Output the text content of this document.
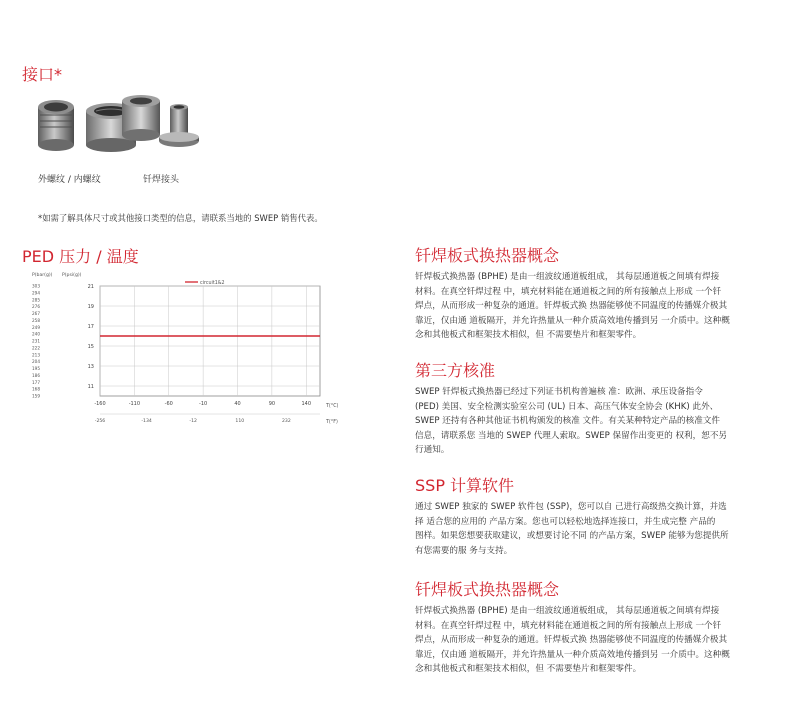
接口*
外螺纹 / 内螺纹	钎焊接头
*如需了解具体尺寸或其他接口类型的信息，请联系当地的 SWEP 销售代表。
PED 压力 / 温度
P(bar(g)) P(psi(g))
T(°C)
T(°F)
-160	-110	-60	-10	40	90	140
21
19
17
15
13
11
303
294
285
276
267
258
249
240
231
222
213
204
195
186
177
168
159
-256	-134	-12	110	232
circuit1&2
钎焊板式换热器概念
钎焊板式换热器 (BPHE) 是由一组波纹通道板组成， 其每层通道板之间填有焊接
材料。在真空钎焊过程 中，填充材料能在通道板之间的所有接触点上形成 一个钎
焊点，从而形成一种复杂的通道。钎焊板式换 热器能够使不同温度的传播媒介极其
靠近，仅由通 道板隔开，并允许热量从一种介质高效地传播到另 一介质中。这种概
念和其他板式和框架技术相似，但 不需要垫片和框架零件。
第三方核准
SWEP 钎焊板式换热器已经过下列证书机构普遍核 准：欧洲、承压设备指令
(PED) 美国、安全检测实验室公司 (UL) 日本、高压气体安全协会 (KHK) 此外、
SWEP 还持有各种其他证书机构颁发的核准 文件。有关某种特定产品的核准文件
信息，请联系您 当地的 SWEP 代理人索取。SWEP 保留作出变更的 权利，恕不另
行通知。
SSP 计算软件
通过 SWEP 独家的 SWEP 软件包 (SSP)，您可以自 己进行高级热交换计算，并选
择 适合您的应用的 产品方案。您也可以轻松地选择连接口，并生成完整 产品的
图样。如果您想要获取建议，或想要讨论不同 的产品方案，SWEP 能够为您提供所
有您需要的服 务与支持。
钎焊板式换热器概念
钎焊板式换热器 (BPHE) 是由一组波纹通道板组成， 其每层通道板之间填有焊接
材料。在真空钎焊过程 中，填充材料能在通道板之间的所有接触点上形成 一个钎
焊点，从而形成一种复杂的通道。钎焊板式换 热器能够使不同温度的传播媒介极其
靠近，仅由通 道板隔开，并允许热量从一种介质高效地传播到另 一介质中。这种概
念和其他板式和框架技术相似，但 不需要垫片和框架零件。
